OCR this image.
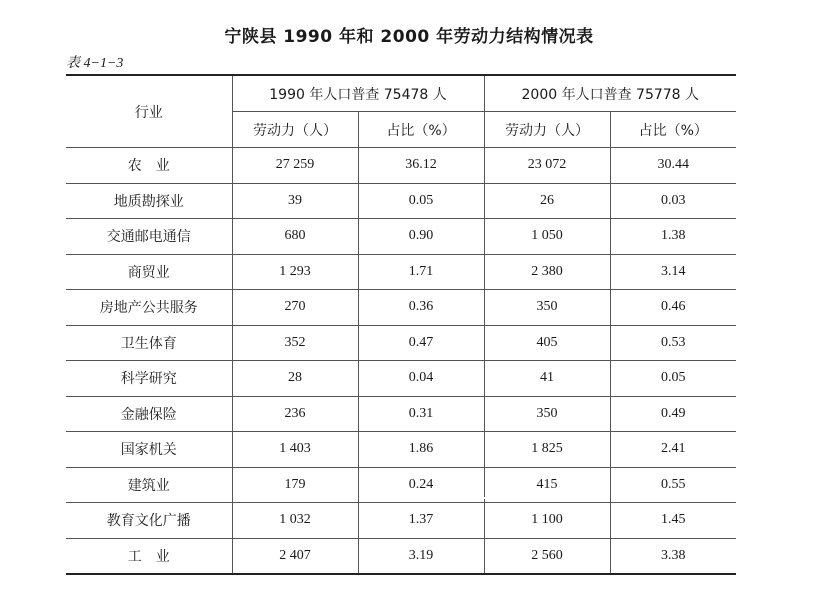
宁陕县 1990 年和 2000 年劳动力结构情况表
表 4−1−3
行业	1990 年人口普查 75478 人		2000 年人口普查 75778 人	
	劳动力（人）	占比（%）	劳动力（人）	占比（%）
农　业	27 259	36.12	23 072	30.44
地质勘探业	39	0.05	26	0.03
交通邮电通信	680	0.90	1 050	1.38
商贸业	1 293	1.71	2 380	3.14
房地产公共服务	270	0.36	350	0.46
卫生体育	352	0.47	405	0.53
科学研究	28	0.04	41	0.05
金融保险	236	0.31	350	0.49
国家机关	1 403	1.86	1 825	2.41
建筑业	179	0.24	415	0.55
教育文化广播	1 032	1.37	1 100	1.45
工　业	2 407	3.19	2 560	3.38
